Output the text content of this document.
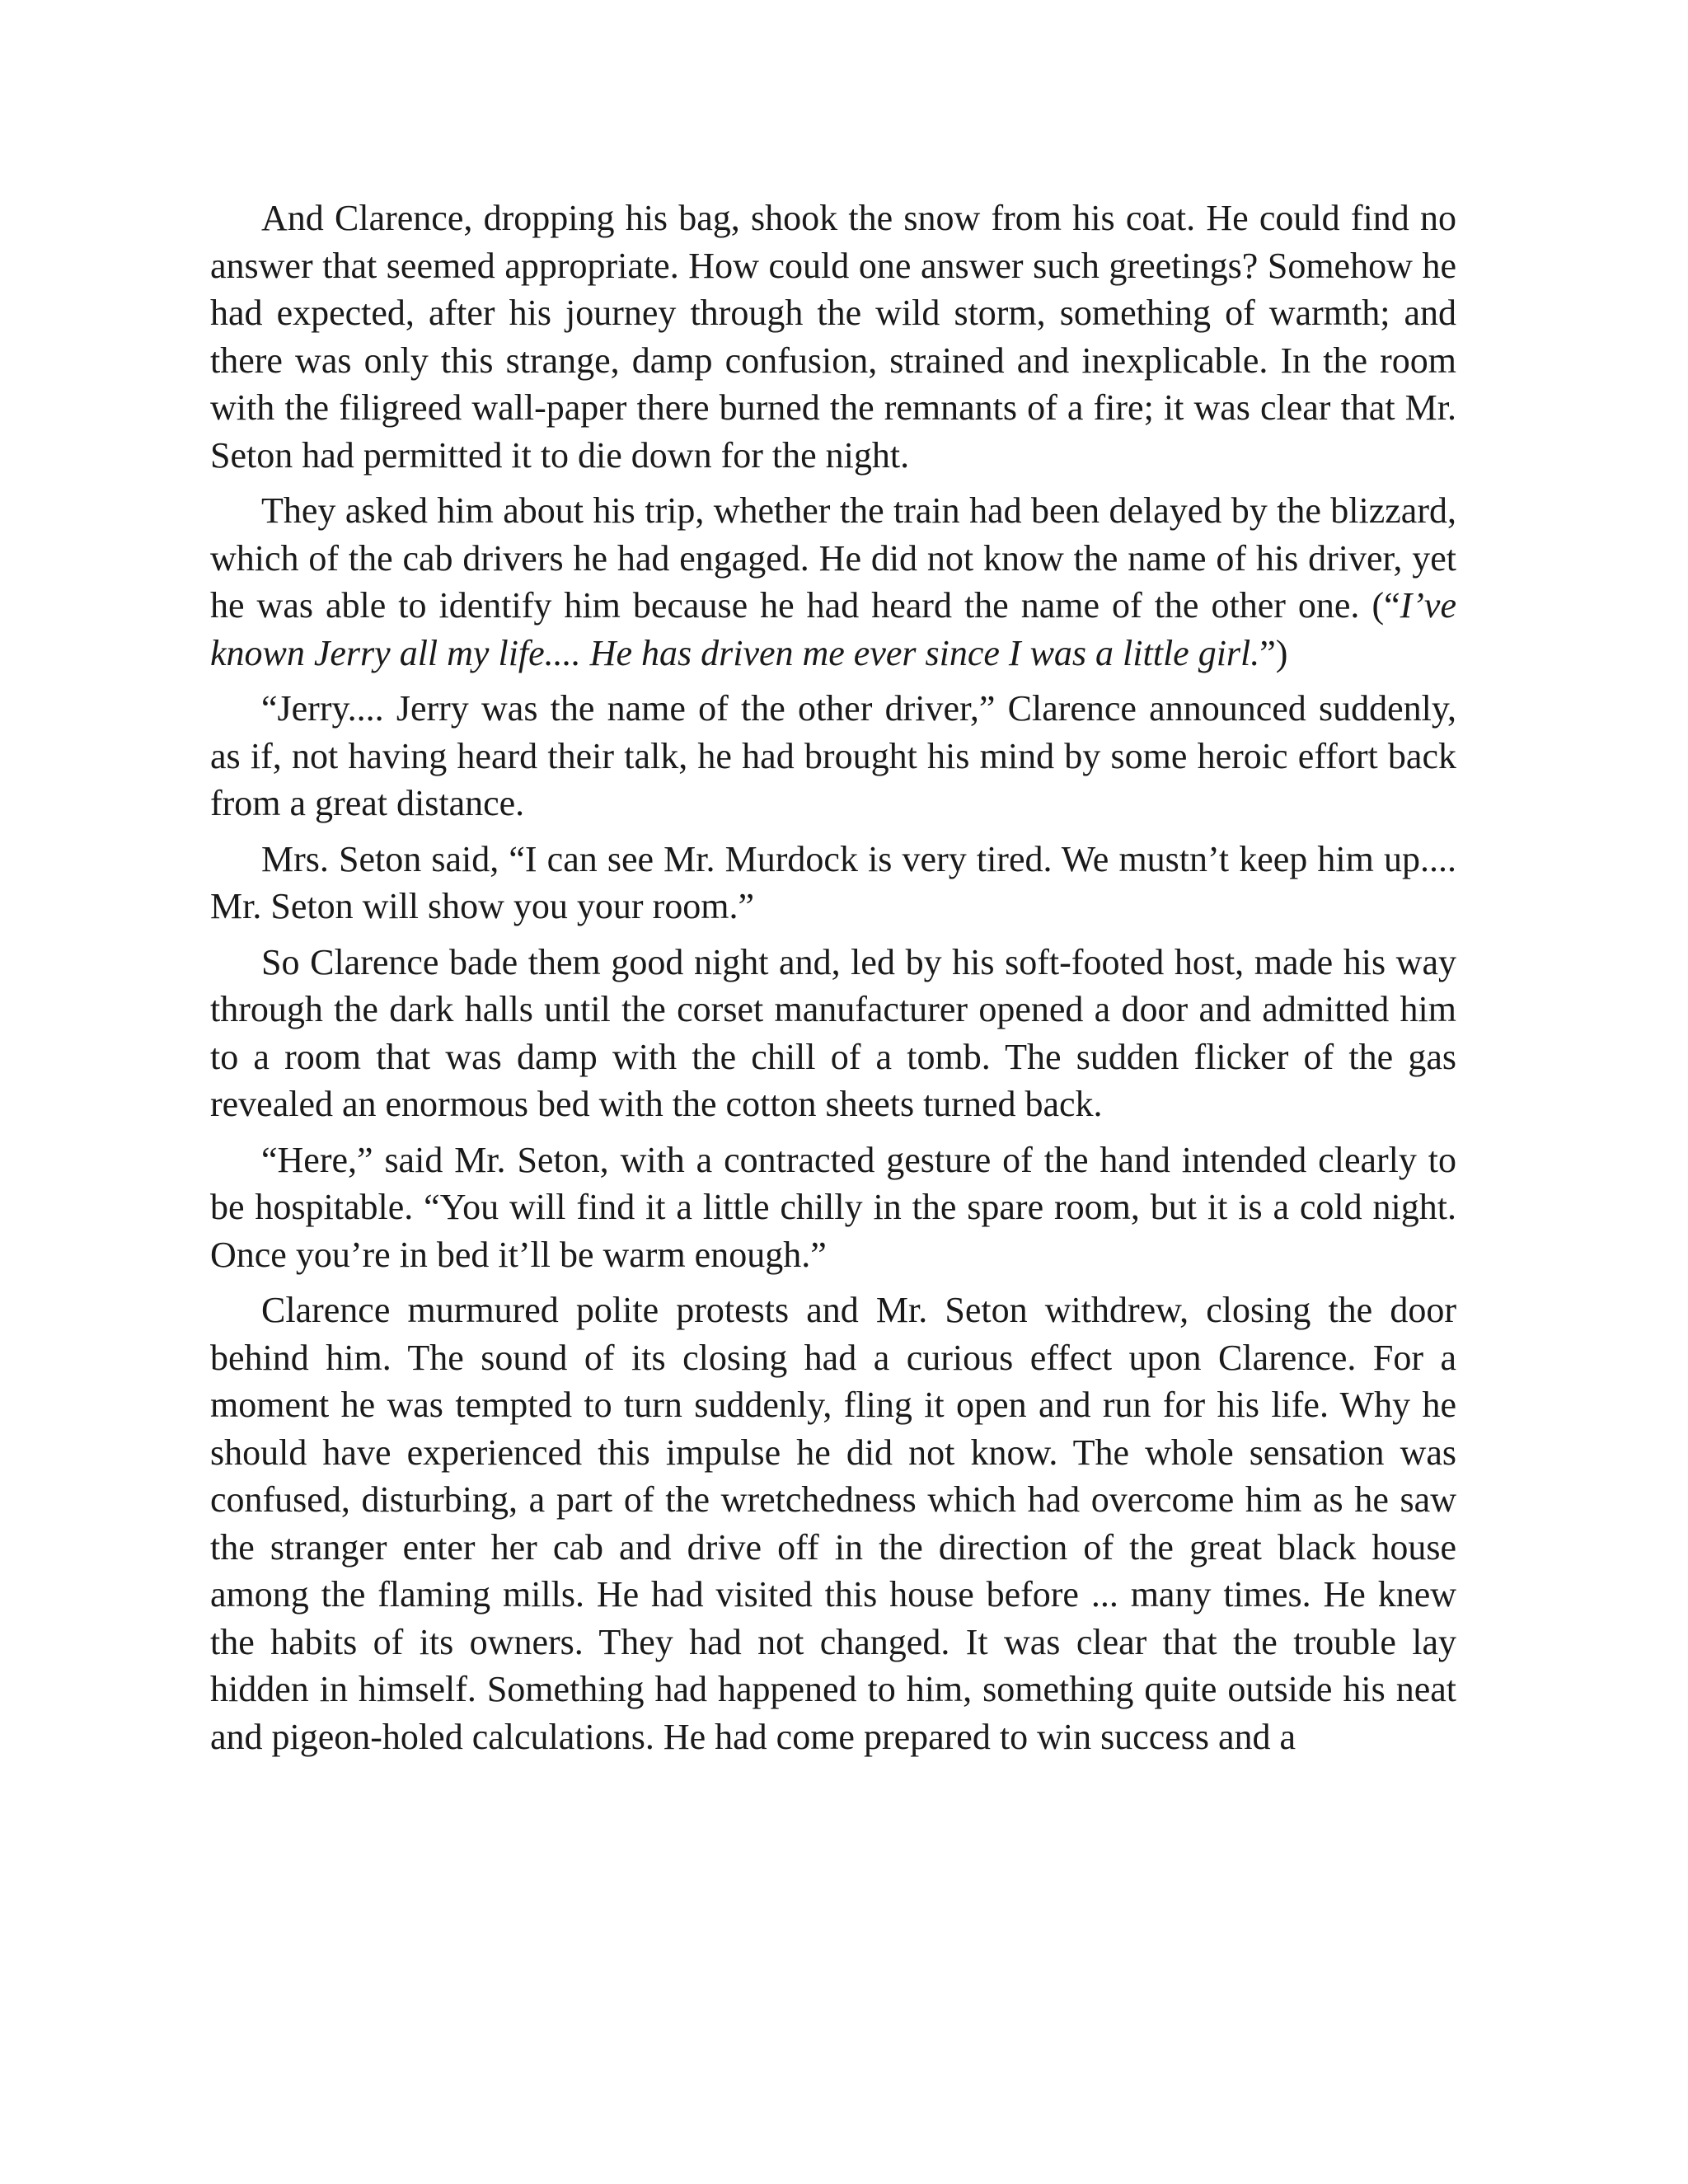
And Clarence, dropping his bag, shook the snow from his coat. He could find no answer that seemed appropriate. How could one answer such greetings? Somehow he had expected, after his journey through the wild storm, something of warmth; and there was only this strange, damp confusion, strained and inexplicable. In the room with the filigreed wall-paper there burned the remnants of a fire; it was clear that Mr. Seton had permitted it to die down for the night.

They asked him about his trip, whether the train had been delayed by the blizzard, which of the cab drivers he had engaged. He did not know the name of his driver, yet he was able to identify him because he had heard the name of the other one. (“I’ve known Jerry all my life.... He has driven me ever since I was a little girl.”)

“Jerry.... Jerry was the name of the other driver,” Clarence announced suddenly, as if, not having heard their talk, he had brought his mind by some heroic effort back from a great distance.

Mrs. Seton said, “I can see Mr. Murdock is very tired. We mustn’t keep him up.... Mr. Seton will show you your room.”

So Clarence bade them good night and, led by his soft-footed host, made his way through the dark halls until the corset manufacturer opened a door and admitted him to a room that was damp with the chill of a tomb. The sudden flicker of the gas revealed an enormous bed with the cotton sheets turned back.

“Here,” said Mr. Seton, with a contracted gesture of the hand intended clearly to be hospitable. “You will find it a little chilly in the spare room, but it is a cold night. Once you’re in bed it’ll be warm enough.”

Clarence murmured polite protests and Mr. Seton withdrew, closing the door behind him. The sound of its closing had a curious effect upon Clarence. For a moment he was tempted to turn suddenly, fling it open and run for his life. Why he should have experienced this impulse he did not know. The whole sensation was confused, disturbing, a part of the wretchedness which had overcome him as he saw the stranger enter her cab and drive off in the direction of the great black house among the flaming mills. He had visited this house before ... many times. He knew the habits of its owners. They had not changed. It was clear that the trouble lay hidden in himself. Something had happened to him, something quite outside his neat and pigeon-holed calculations. He had come prepared to win success and a
